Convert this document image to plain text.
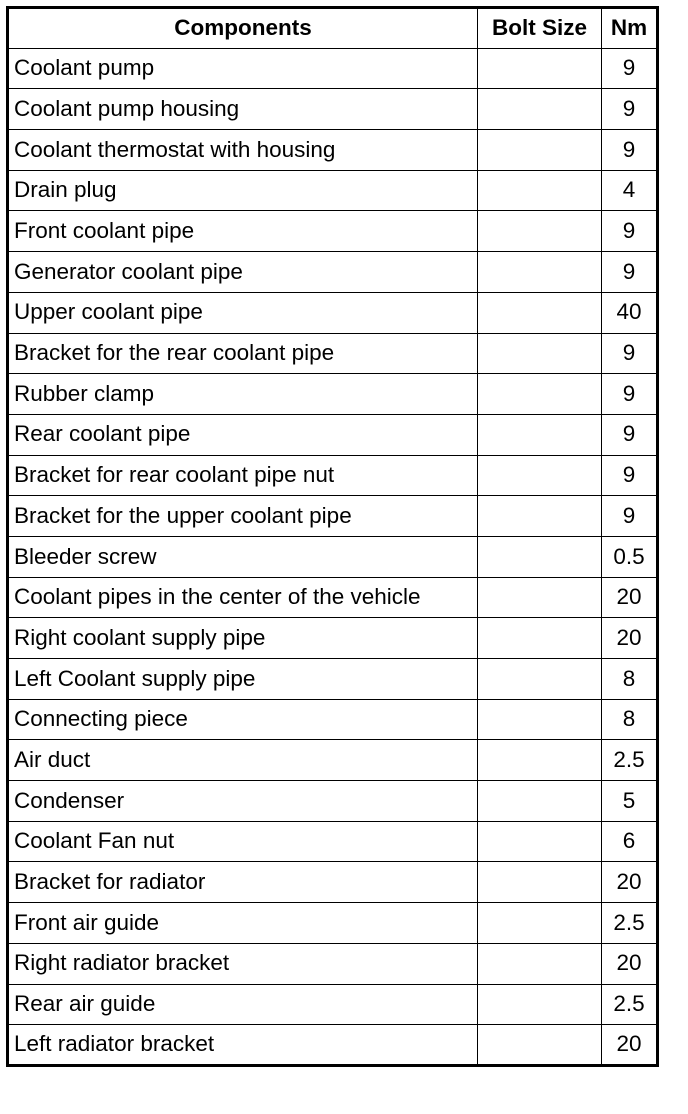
Components	Bolt Size	Nm
Coolant pump		9
Coolant pump housing		9
Coolant thermostat with housing		9
Drain plug		4
Front coolant pipe		9
Generator coolant pipe		9
Upper coolant pipe		40
Bracket for the rear coolant pipe		9
Rubber clamp		9
Rear coolant pipe		9
Bracket for rear coolant pipe nut		9
Bracket for the upper coolant pipe		9
Bleeder screw		0.5
Coolant pipes in the center of the vehicle		20
Right coolant supply pipe		20
Left Coolant supply pipe		8
Connecting piece		8
Air duct		2.5
Condenser		5
Coolant Fan nut		6
Bracket for radiator		20
Front air guide		2.5
Right radiator bracket		20
Rear air guide		2.5
Left radiator bracket		20
